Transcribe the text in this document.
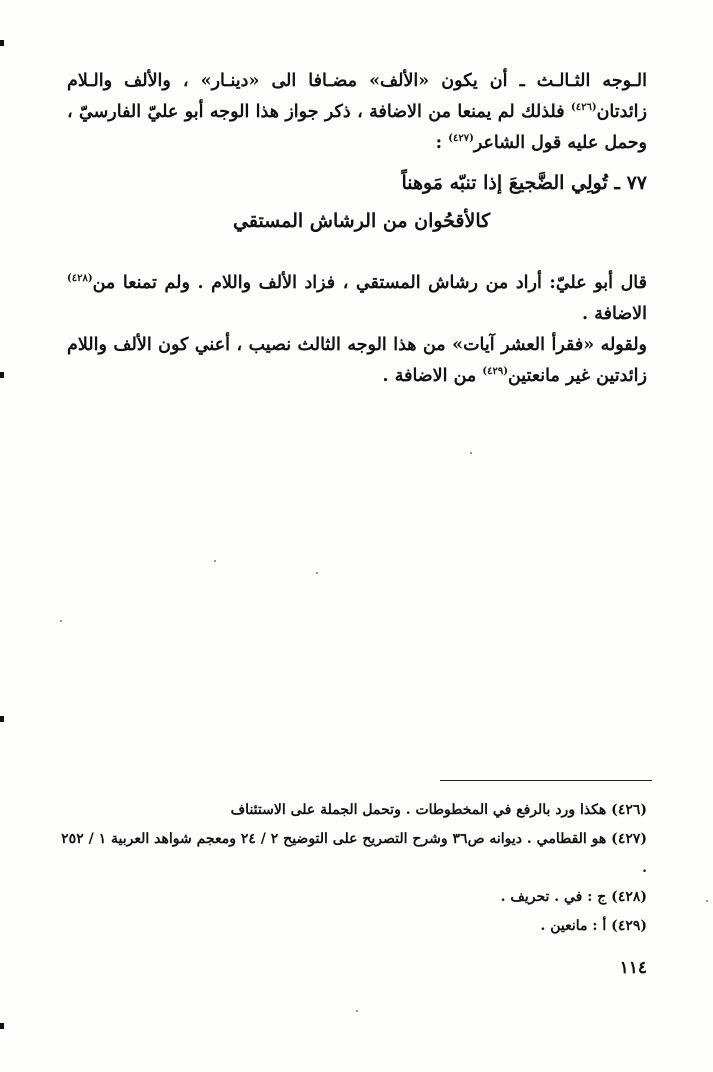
الـوجه الثـالـث ـ أن يكون «الألف» مضـافا الى «دينـار» ، والألف والـلام زائدتان$^{(٤٢٦)}$ فلذلك لم يمنعا من الاضافة ، ذكر جواز هذا الوجه أبو عليّ الفارسيّ ، وحمل عليه قول الشاعر$^{(٤٢٧)}$ :

٧٧ ـ تُولِي الضَّجيعَ إذا تنبّه مَوهناً
كالأقحُوان من الرشاش المستقي

قال أبو عليّ: أراد من رشاش المستقي ، فزاد الألف واللام . ولم تمنعا من$^{(٤٢٨)}$ الاضافة .

ولقوله «فقرأ العشر آيات» من هذا الوجه الثالث نصيب ، أعني كون الألف واللام زائدتين غير مانعتين$^{(٤٢٩)}$ من الاضافة .

(٤٢٦) هكذا ورد بالرفع في المخطوطات . وتحمل الجملة على الاستئناف

(٤٢٧) هو القطامي . ديوانه ص٣٦ وشرح التصريح على التوضيح ٢ / ٢٤ ومعجم شواهد العربية ١ / ٢٥٢ .

(٤٢٨) ج : في . تحريف .

(٤٢٩) أ : مانعين .

١١٤
